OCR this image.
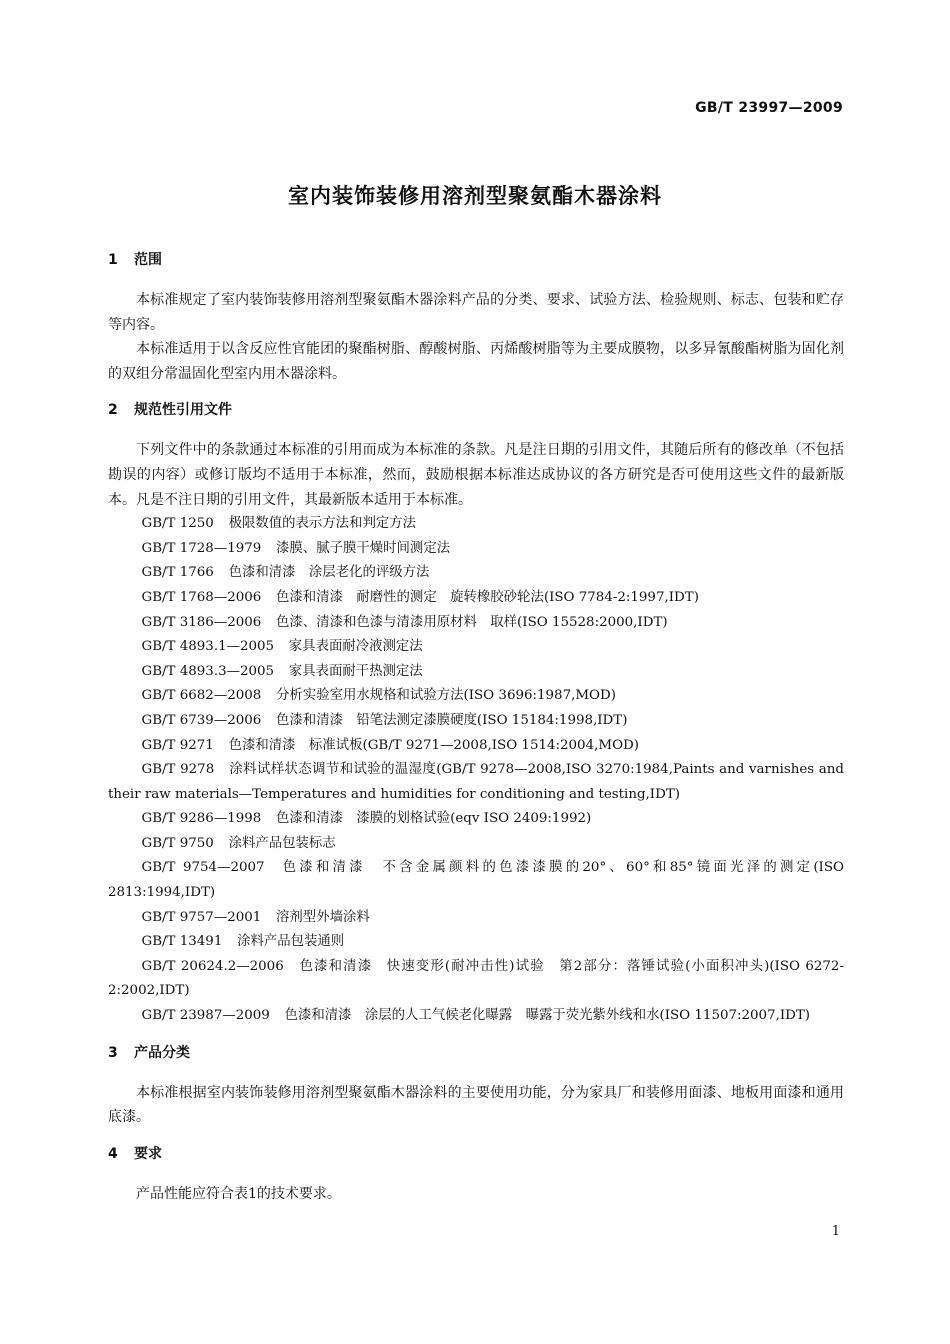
GB/T 23997—2009
室内装饰装修用溶剂型聚氨酯木器涂料
1 范围

本标准规定了室内装饰装修用溶剂型聚氨酯木器涂料产品的分类、要求、试验方法、检验规则、标志、包装和贮存等内容。

本标准适用于以含反应性官能团的聚酯树脂、醇酸树脂、丙烯酸树脂等为主要成膜物，以多异氰酸酯树脂为固化剂的双组分常温固化型室内用木器涂料。

2 规范性引用文件

下列文件中的条款通过本标准的引用而成为本标准的条款。凡是注日期的引用文件，其随后所有的修改单（不包括勘误的内容）或修订版均不适用于本标准，然而，鼓励根据本标准达成协议的各方研究是否可使用这些文件的最新版本。凡是不注日期的引用文件，其最新版本适用于本标准。

GB/T 1250 极限数值的表示方法和判定方法

GB/T 1728—1979 漆膜、腻子膜干燥时间测定法

GB/T 1766 色漆和清漆　涂层老化的评级方法

GB/T 1768—2006 色漆和清漆　耐磨性的测定　旋转橡胶砂轮法(ISO 7784-2:1997,IDT)

GB/T 3186—2006 色漆、清漆和色漆与清漆用原材料　取样(ISO 15528:2000,IDT)

GB/T 4893.1—2005 家具表面耐冷液测定法

GB/T 4893.3—2005 家具表面耐干热测定法

GB/T 6682—2008 分析实验室用水规格和试验方法(ISO 3696:1987,MOD)

GB/T 6739—2006 色漆和清漆　铅笔法测定漆膜硬度(ISO 15184:1998,IDT)

GB/T 9271 色漆和清漆　标准试板(GB/T 9271—2008,ISO 1514:2004,MOD)

GB/T 9278 涂料试样状态调节和试验的温湿度(GB/T 9278—2008,ISO 3270:1984,Paints and varnishes and their raw materials—Temperatures and humidities for conditioning and testing,IDT)

GB/T 9286—1998 色漆和清漆　漆膜的划格试验(eqv ISO 2409:1992)

GB/T 9750 涂料产品包装标志

GB/T 9754—2007 色漆和清漆　不含金属颜料的色漆漆膜的20°、60°和85°镜面光泽的测定(ISO 2813:1994,IDT)

GB/T 9757—2001 溶剂型外墙涂料

GB/T 13491 涂料产品包装通则

GB/T 20624.2—2006 色漆和清漆　快速变形(耐冲击性)试验　第2部分：落锤试验(小面积冲头)(ISO 6272-2:2002,IDT)

GB/T 23987—2009 色漆和清漆　涂层的人工气候老化曝露　曝露于荧光紫外线和水(ISO 11507:2007,IDT)

3 产品分类

本标准根据室内装饰装修用溶剂型聚氨酯木器涂料的主要使用功能，分为家具厂和装修用面漆、地板用面漆和通用底漆。

4 要求

产品性能应符合表1的技术要求。

1
